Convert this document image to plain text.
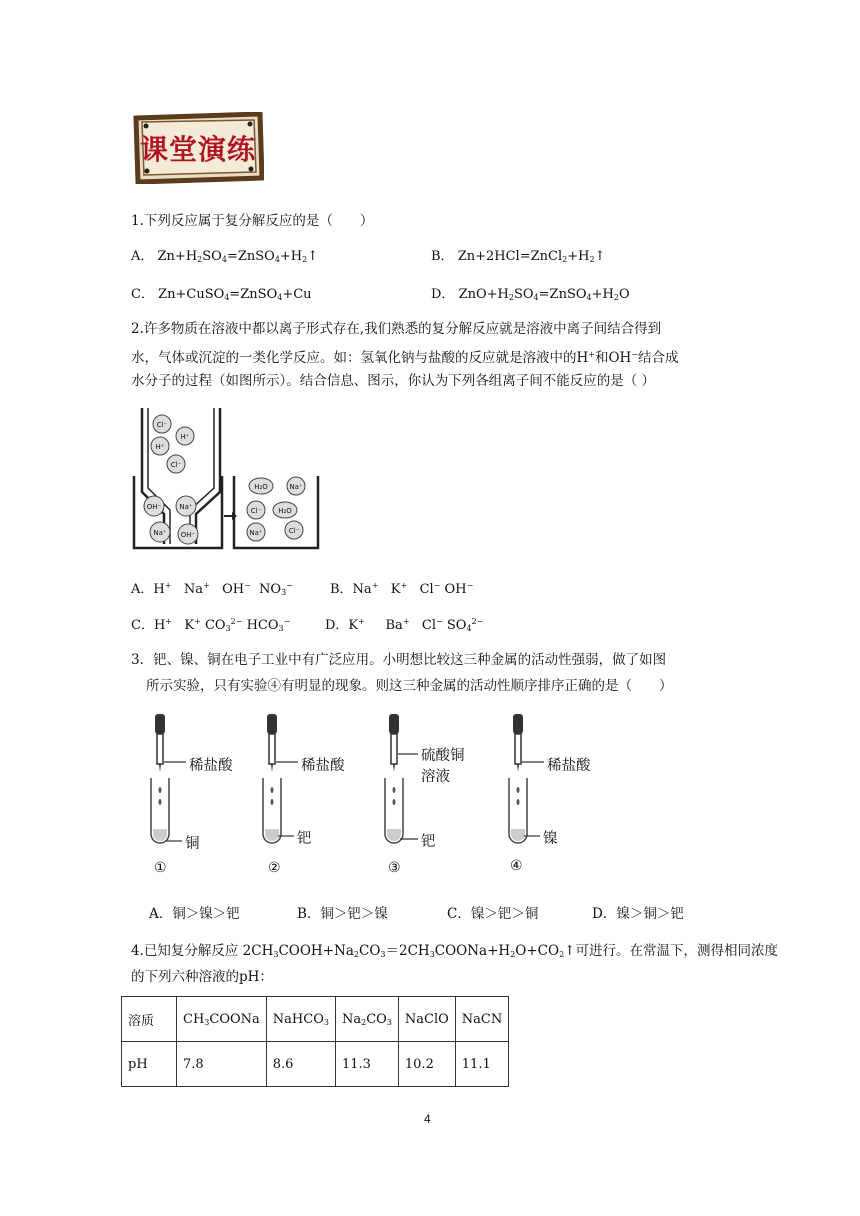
课堂演练
1.下列反应属于复分解反应的是（　　）
A． $Zn+H_2SO_4=ZnSO_4+H_2↑$	B． $Zn+2HCl=ZnCl_2+H_2↑$
C． Zn+CuSO$_4$=ZnSO$_4$+Cu	D． $ZnO+H_2SO_4=ZnSO_4+H_2O$
2.许多物质在溶液中都以离子形式存在,我们熟悉的复分解反应就是溶液中离子间结合得到
水，气体或沉淀的一类化学反应。如：氢氧化钠与盐酸的反应就是溶液中的H+和OH−结合成
水分子的过程（如图所示）。结合信息、图示，你认为下列各组离子间不能反应的是（ ）
Cl⁻
H⁺
H⁺
Cl⁻
OH⁻	Na⁺
Na⁺ OH⁻
H₂O	Na⁺
Cl⁻ H₂O
Na⁺	Cl⁻
A．H+   Na+   OH−  $NO_3^-$	B．Na+   K+   Cl− OH−
C．H+   K+ $CO_3^{2-}$ $HCO_3^-$	D．K+     Ba+   Cl− $SO_4^{2-}$
3．钯、镍、铜在电子工业中有广泛应用。小明想比较这三种金属的活动性强弱，做了如图
所示实验，只有实验④有明显的现象。则这三种金属的活动性顺序排序正确的是（　　）
稀盐酸	稀盐酸
硫酸铜
溶液
稀盐酸
铜	钯	钯	镍
①	②	③	④
A．铜＞镍＞钯	B．铜＞钯＞镍	C．镍＞钯＞铜	D．镍＞铜＞钯
4.已知复分解反应 $2CH_3COOH+Na_2CO_3=2CH_3COONa+H_2O+CO_2↑$可进行。在常温下，测得相同浓度
的下列六种溶液的pH：
溶质	$CH_3COONa$	NaHCO$_3$	$Na_2CO_3$	NaClO	NaCN
pH	7.8	8.6	11.3	10.2	11.1
4
